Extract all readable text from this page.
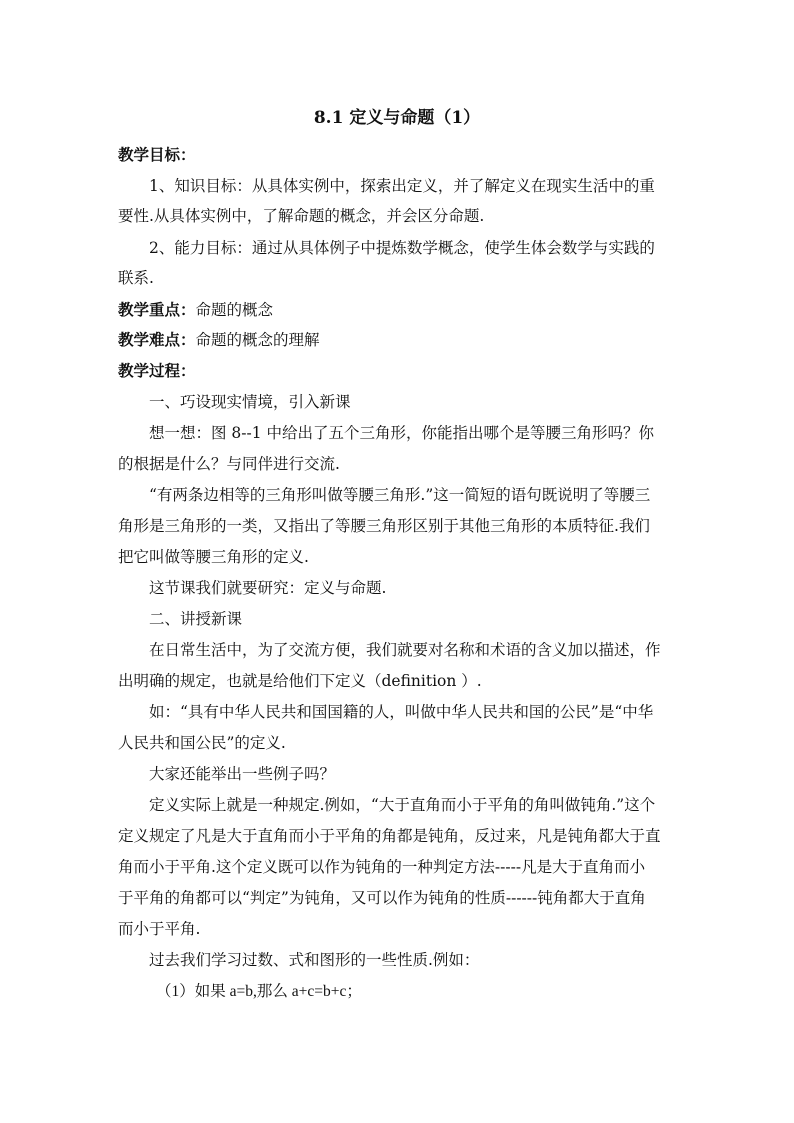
8.1 定义与命题（1）
教学目标：
1、知识目标：从具体实例中，探索出定义，并了解定义在现实生活中的重
要性.从具体实例中，了解命题的概念，并会区分命题.
2、能力目标：通过从具体例子中提炼数学概念，使学生体会数学与实践的
联系.
教学重点：命题的概念
教学难点：命题的概念的理解
教学过程：
一、巧设现实情境，引入新课
想一想：图 8--1 中给出了五个三角形，你能指出哪个是等腰三角形吗？你
的根据是什么？与同伴进行交流.
“有两条边相等的三角形叫做等腰三角形.”这一简短的语句既说明了等腰三
角形是三角形的一类，又指出了等腰三角形区别于其他三角形的本质特征.我们
把它叫做等腰三角形的定义.
这节课我们就要研究：定义与命题.
二、讲授新课
在日常生活中，为了交流方便，我们就要对名称和术语的含义加以描述，作
出明确的规定，也就是给他们下定义（definition ）.
如：“具有中华人民共和国国籍的人，叫做中华人民共和国的公民”是“中华
人民共和国公民”的定义.
大家还能举出一些例子吗？
定义实际上就是一种规定.例如，“大于直角而小于平角的角叫做钝角.”这个
定义规定了凡是大于直角而小于平角的角都是钝角，反过来，凡是钝角都大于直
角而小于平角.这个定义既可以作为钝角的一种判定方法-----凡是大于直角而小
于平角的角都可以“判定”为钝角，又可以作为钝角的性质------钝角都大于直角
而小于平角.
过去我们学习过数、式和图形的一些性质.例如：
（1）如果 a=b,那么 a+c=b+c；
